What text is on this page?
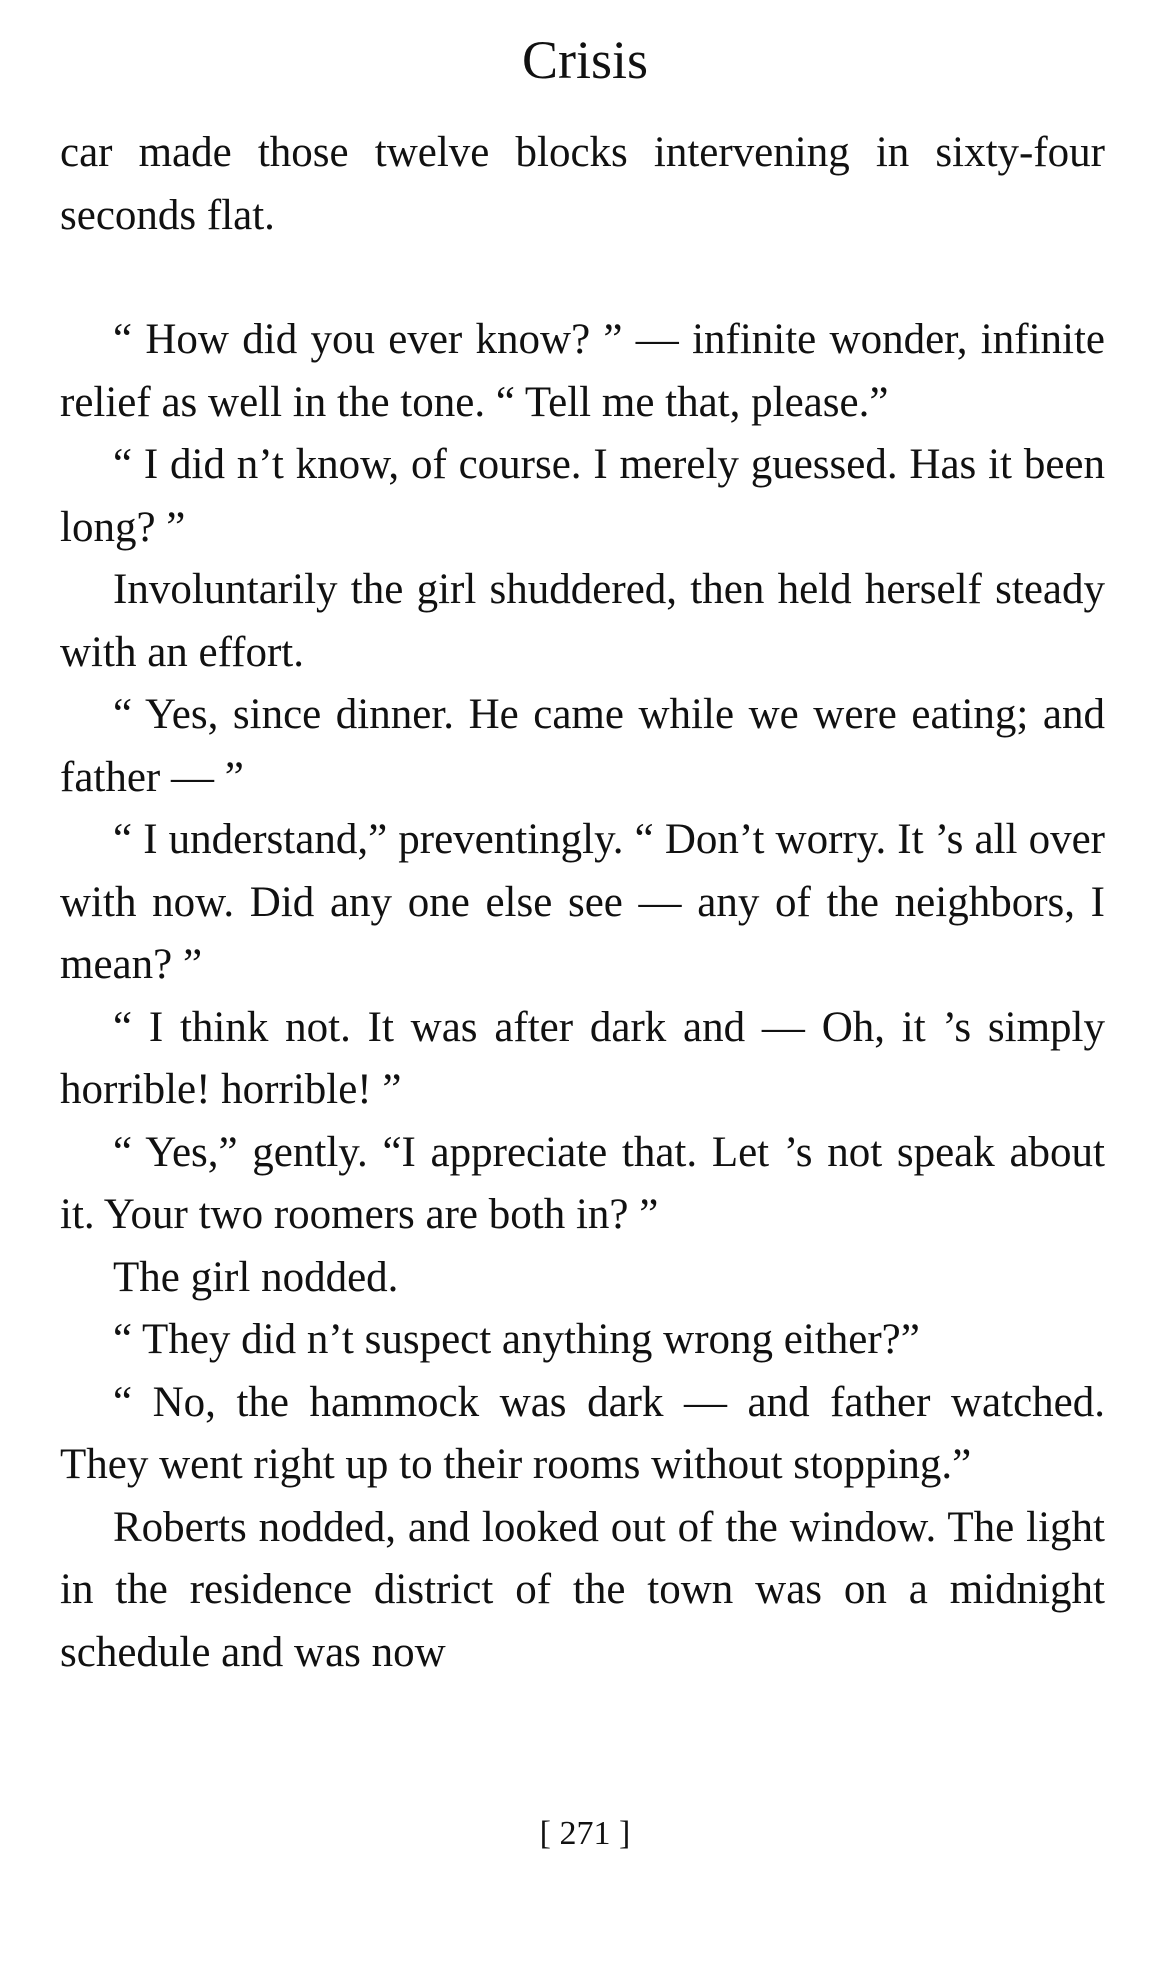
Crisis

car made those twelve blocks intervening in sixty-four seconds flat.

“ How did you ever know? ” — infinite wonder, infinite relief as well in the tone. “ Tell me that, please.”

“ I did n’t know, of course. I merely guessed. Has it been long? ”

Involuntarily the girl shuddered, then held herself steady with an effort.

“ Yes, since dinner. He came while we were eating; and father — ”

“ I understand,” preventingly. “ Don’t worry. It ’s all over with now. Did any one else see — any of the neighbors, I mean? ”

“ I think not. It was after dark and — Oh, it ’s simply horrible! horrible! ”

“ Yes,” gently. “I appreciate that. Let ’s not speak about it. Your two roomers are both in? ”

The girl nodded.

“ They did n’t suspect anything wrong either?”

“ No, the hammock was dark — and father watched. They went right up to their rooms without stopping.”

Roberts nodded, and looked out of the window. The light in the residence district of the town was on a midnight schedule and was now

[ 271 ]
